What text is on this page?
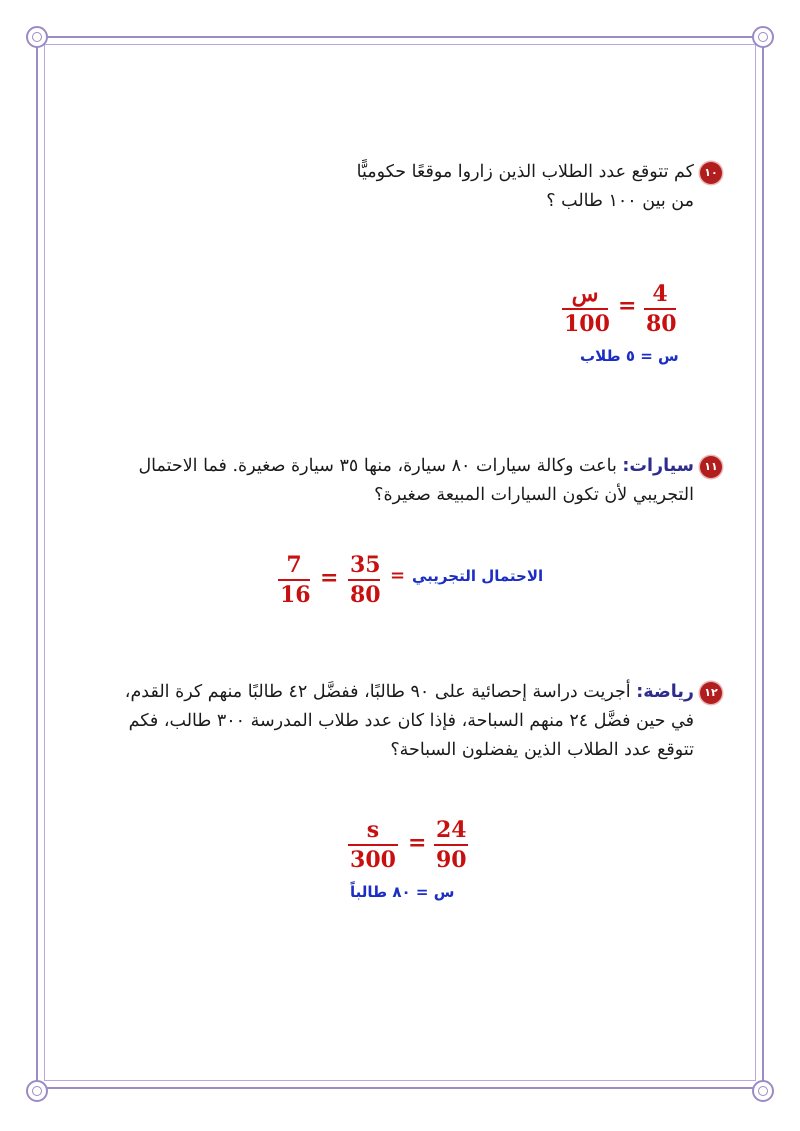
١٠كم تتوقع عدد الطلاب الذين زاروا موقعًا حكوميًّا
من بين ١٠٠ طالب ؟
س
100
= 4
80
س = ٥ طلاب
١١سيارات: باعت وكالة سيارات ٨٠ سيارة، منها ٣٥ سيارة صغيرة. فما الاحتمال
التجريبي لأن تكون السيارات المبيعة صغيرة؟
7
16
= 35
80
= الاحتمال التجريبي
١٢رياضة: أجريت دراسة إحصائية على ٩٠ طالبًا، ففضَّل ٤٢ طالبًا منهم كرة القدم،
في حين فضَّل ٢٤ منهم السباحة، فإذا كان عدد طلاب المدرسة ٣٠٠ طالب، فكم
تتوقع عدد الطلاب الذين يفضلون السباحة؟
s
300
= 24
90
س = ٨٠ طالباً
